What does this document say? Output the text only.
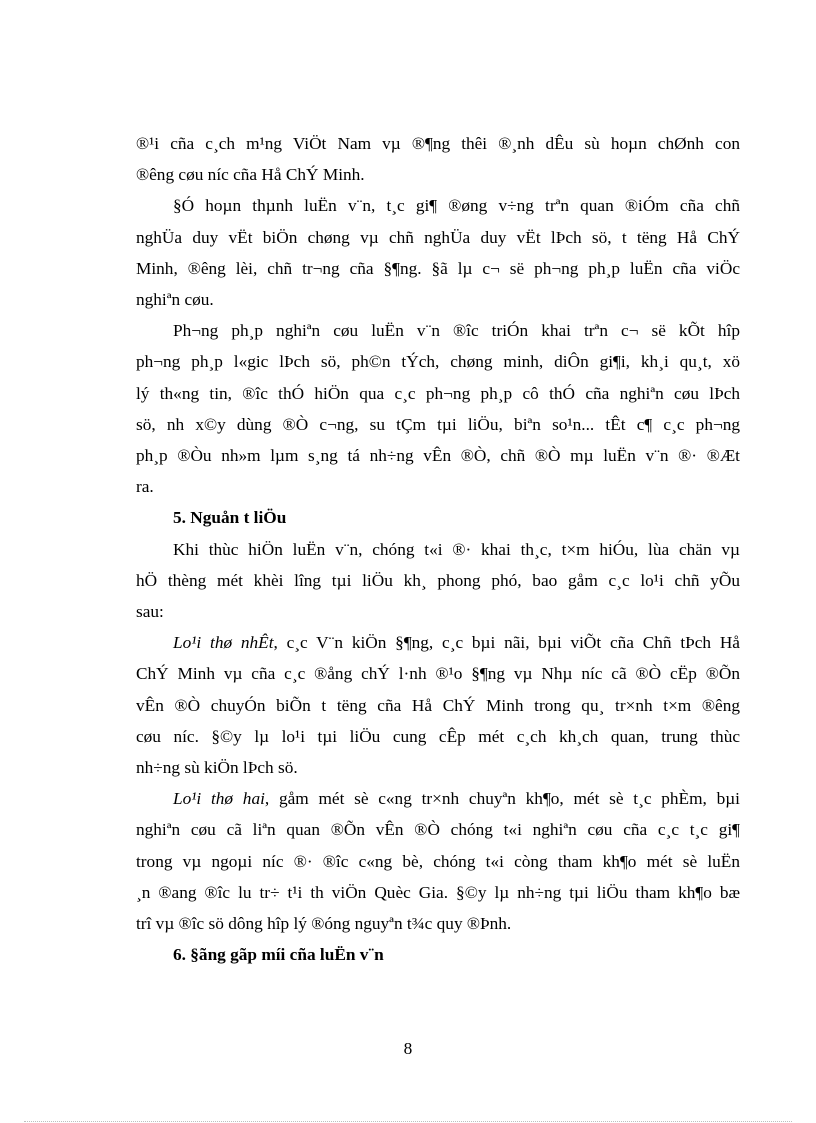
®¹i cña c¸ch m¹ng ViÖt Nam vµ ®¶ng thêi ®¸nh dÊu sù hoµn chØnh con
®êng cøu níc cña Hå ChÝ Minh.
§Ó hoµn thµnh luËn v¨n, t¸c gi¶ ®øng v÷ng trªn quan ®iÓm cña chñ
nghÜa duy vËt biÖn chøng vµ chñ nghÜa duy vËt lÞch sö, t tëng Hå ChÝ
Minh, ®êng lèi, chñ tr¬ng cña §¶ng. §ã lµ c¬ së ph¬ng ph¸p luËn cña viÖc
nghiªn cøu.
Ph¬ng ph¸p nghiªn cøu luËn v¨n ®îc triÓn khai trªn c¬ së kÕt hîp
ph¬ng ph¸p l«gic lÞch sö, ph©n tÝch, chøng minh, diÔn gi¶i, kh¸i qu¸t, xö
lý th«ng tin, ®îc thÓ hiÖn qua c¸c ph¬ng ph¸p cô thÓ cña nghiªn cøu lÞch
sö, nh x©y dùng ®Ò c¬ng, su tÇm tµi liÖu, biªn so¹n... tÊt c¶ c¸c ph¬ng
ph¸p ®Òu nh»m lµm s¸ng tá nh÷ng vÊn ®Ò, chñ ®Ò mµ luËn v¨n ®· ®Æt
ra.
5. Nguån t liÖu
Khi thùc hiÖn luËn v¨n, chóng t«i ®· khai th¸c, t×m hiÓu, lùa chän vµ
hÖ thèng mét khèi lîng tµi liÖu kh¸ phong phó, bao gåm c¸c lo¹i chñ yÕu
sau:
Lo¹i thø nhÊt, c¸c V¨n kiÖn §¶ng, c¸c bµi nãi, bµi viÕt cña Chñ tÞch Hå
ChÝ Minh vµ cña c¸c ®ång chÝ l·nh ®¹o §¶ng vµ Nhµ níc cã ®Ò cËp ®Õn
vÊn ®Ò chuyÓn biÕn t tëng cña Hå ChÝ Minh trong qu¸ tr×nh t×m ®êng
cøu níc. §©y lµ lo¹i tµi liÖu cung cÊp mét c¸ch kh¸ch quan, trung thùc
nh÷ng sù kiÖn lÞch sö.
Lo¹i thø hai, gåm mét sè c«ng tr×nh chuyªn kh¶o, mét sè t¸c phÈm, bµi
nghiªn cøu cã liªn quan ®Õn vÊn ®Ò chóng t«i nghiªn cøu cña c¸c t¸c gi¶
trong vµ ngoµi níc ®· ®îc c«ng bè, chóng t«i còng tham kh¶o mét sè luËn
¸n ®ang ®îc lu tr÷ t¹i th viÖn Quèc Gia. §©y lµ nh÷ng tµi liÖu tham kh¶o bæ
trî vµ ®îc sö dông hîp lý ®óng nguyªn t¾c quy ®Þnh.
6. §ãng gãp míi cña luËn v¨n
8
